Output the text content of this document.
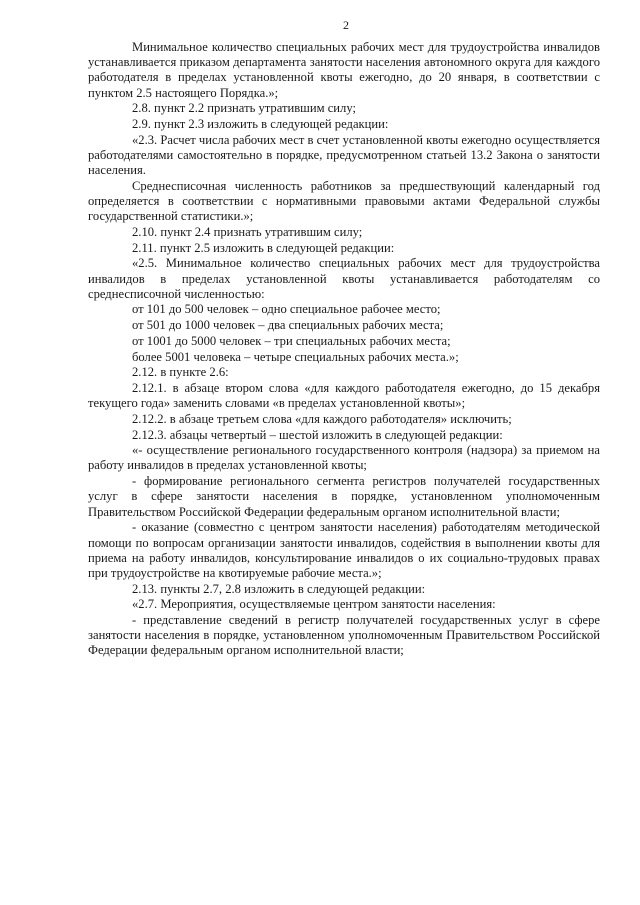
2

Минимальное количество специальных рабочих мест для трудоустройства инвалидов устанавливается приказом департамента занятости населения автономного округа для каждого работодателя в пределах установленной квоты ежегодно, до 20 января, в соответствии с пунктом 2.5 настоящего Порядка.»;

2.8. пункт 2.2 признать утратившим силу;

2.9. пункт 2.3 изложить в следующей редакции:

«2.3. Расчет числа рабочих мест в счет установленной квоты ежегодно осуществляется работодателями самостоятельно в порядке, предусмотренном статьей 13.2 Закона о занятости населения.

Среднесписочная численность работников за предшествующий календарный год определяется в соответствии с нормативными правовыми актами Федеральной службы государственной статистики.»;

2.10. пункт 2.4 признать утратившим силу;

2.11. пункт 2.5 изложить в следующей редакции:

«2.5. Минимальное количество специальных рабочих мест для трудоустройства инвалидов в пределах установленной квоты устанавливается работодателям со среднесписочной численностью:

от 101 до 500 человек – одно специальное рабочее место;

от 501 до 1000 человек – два специальных рабочих места;

от 1001 до 5000 человек – три специальных рабочих места;

более 5001 человека – четыре специальных рабочих места.»;

2.12. в пункте 2.6:

2.12.1. в абзаце втором слова «для каждого работодателя ежегодно, до 15 декабря текущего года» заменить словами «в пределах установленной квоты»;

2.12.2. в абзаце третьем слова «для каждого работодателя» исключить;

2.12.3. абзацы четвертый – шестой изложить в следующей редакции:

«- осуществление регионального государственного контроля (надзора) за приемом на работу инвалидов в пределах установленной квоты;

- формирование регионального сегмента регистров получателей государственных услуг в сфере занятости населения в порядке, установленном уполномоченным Правительством Российской Федерации федеральным органом исполнительной власти;

- оказание (совместно с центром занятости населения) работодателям методической помощи по вопросам организации занятости инвалидов, содействия в выполнении квоты для приема на работу инвалидов, консультирование инвалидов о их социально-трудовых правах при трудоустройстве на квотируемые рабочие места.»;

2.13. пункты 2.7, 2.8 изложить в следующей редакции:

«2.7. Мероприятия, осуществляемые центром занятости населения:

- представление сведений в регистр получателей государственных услуг в сфере занятости населения в порядке, установленном уполномоченным Правительством Российской Федерации федеральным органом исполнительной власти;
